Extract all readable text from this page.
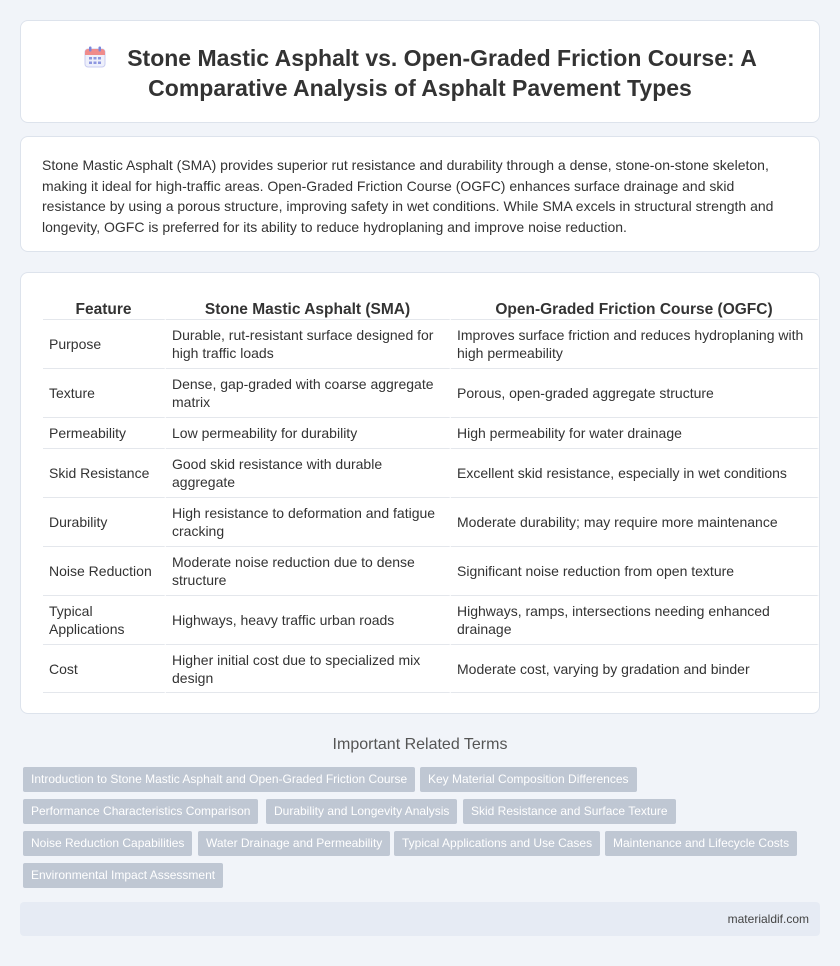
Stone Mastic Asphalt vs. Open-Graded Friction Course: A Comparative Analysis of Asphalt Pavement Types

Stone Mastic Asphalt (SMA) provides superior rut resistance and durability through a dense, stone-on-stone skeleton, making it ideal for high-traffic areas. Open-Graded Friction Course (OGFC) enhances surface drainage and skid resistance by using a porous structure, improving safety in wet conditions. While SMA excels in structural strength and longevity, OGFC is preferred for its ability to reduce hydroplaning and improve noise reduction.

Feature	Stone Mastic Asphalt (SMA)	Open-Graded Friction Course (OGFC)
Purpose	Durable, rut-resistant surface designed for high traffic loads	Improves surface friction and reduces hydroplaning with high permeability
Texture	Dense, gap-graded with coarse aggregate matrix	Porous, open-graded aggregate structure
Permeability	Low permeability for durability	High permeability for water drainage
Skid Resistance	Good skid resistance with durable aggregate	Excellent skid resistance, especially in wet conditions
Durability	High resistance to deformation and fatigue cracking	Moderate durability; may require more maintenance
Noise Reduction	Moderate noise reduction due to dense structure	Significant noise reduction from open texture
Typical Applications	Highways, heavy traffic urban roads	Highways, ramps, intersections needing enhanced drainage
Cost	Higher initial cost due to specialized mix design	Moderate cost, varying by gradation and binder
Important Related Terms
Introduction to Stone Mastic Asphalt and Open-Graded Friction Course	Key Material Composition Differences
Performance Characteristics Comparison	Durability and Longevity Analysis	Skid Resistance and Surface Texture
Noise Reduction Capabilities	Water Drainage and Permeability	Typical Applications and Use Cases	Maintenance and Lifecycle Costs
Environmental Impact Assessment
materialdif.com
